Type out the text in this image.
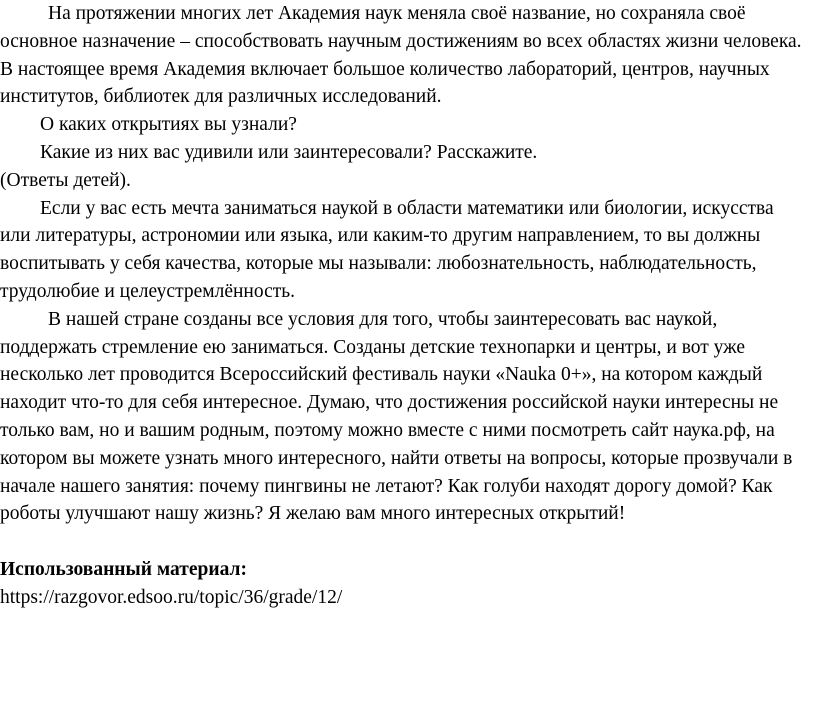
На протяжении многих лет Академия наук меняла своё название, но сохраняла своё основное назначение – способствовать научным достижениям во всех областях жизни человека. В настоящее время Академия включает большое количество лабораторий, центров, научных институтов, библиотек для различных исследований.

О каких открытиях вы узнали?

Какие из них вас удивили или заинтересовали? Расскажите.

(Ответы детей).

Если у вас есть мечта заниматься наукой в области математики или биологии, искусства или литературы, астрономии или языка, или каким-то другим направлением, то вы должны воспитывать у себя качества, которые мы называли: любознательность, наблюдательность, трудолюбие и целеустремлённость.

В нашей стране созданы все условия для того, чтобы заинтересовать вас наукой, поддержать стремление ею заниматься. Созданы детские технопарки и центры, и вот уже несколько лет проводится Всероссийский фестиваль науки «Nauka 0+», на котором каждый находит что-то для себя интересное. Думаю, что достижения российской науки интересны не только вам, но и вашим родным, поэтому можно вместе с ними посмотреть сайт наука.рф, на котором вы можете узнать много интересного, найти ответы на вопросы, которые прозвучали в начале нашего занятия: почему пингвины не летают? Как голуби находят дорогу домой? Как роботы улучшают нашу жизнь? Я желаю вам много интересных открытий!

Использованный материал:

https://razgovor.edsoo.ru/topic/36/grade/12/
